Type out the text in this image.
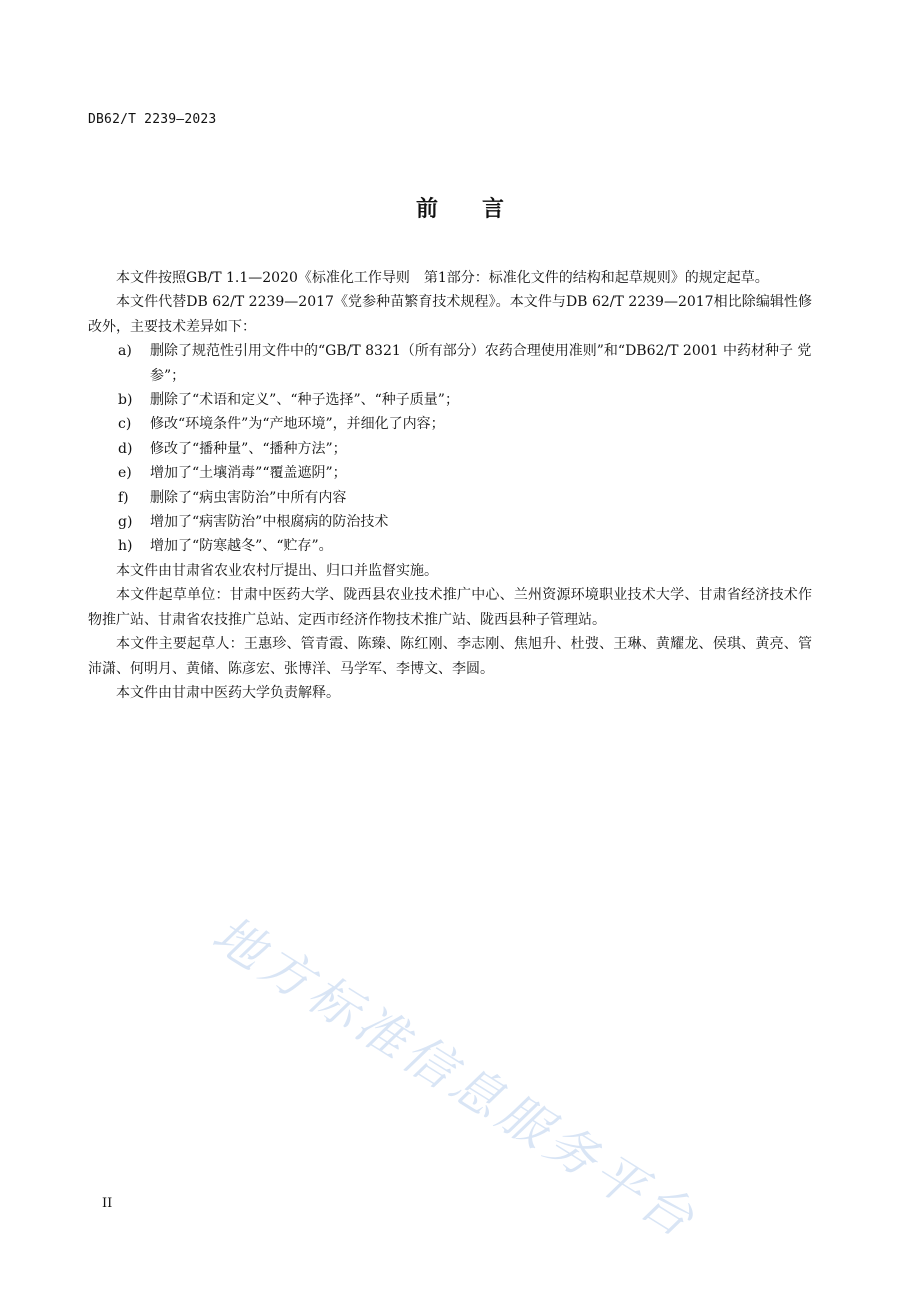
DB62/T 2239—2023
前　　言

本文件按照GB/T 1.1—2020《标准化工作导则　第1部分：标准化文件的结构和起草规则》的规定起草。

本文件代替DB 62/T 2239—2017《党参种苗繁育技术规程》。本文件与DB 62/T 2239—2017相比除编辑性修改外，主要技术差异如下：

a)	删除了规范性引用文件中的“GB/T 8321（所有部分）农药合理使用准则”和“DB62/T 2001 中药材种子 党参”；
b)	删除了“术语和定义”、“种子选择”、“种子质量”；
c)	修改“环境条件”为“产地环境”，并细化了内容；
d)	修改了“播种量”、“播种方法”；
e)	增加了“土壤消毒”“覆盖遮阴”；
f)	删除了“病虫害防治”中所有内容
g)	增加了“病害防治”中根腐病的防治技术
h)	增加了“防寒越冬”、“贮存”。

本文件由甘肃省农业农村厅提出、归口并监督实施。

本文件起草单位：甘肃中医药大学、陇西县农业技术推广中心、兰州资源环境职业技术大学、甘肃省经济技术作物推广站、甘肃省农技推广总站、定西市经济作物技术推广站、陇西县种子管理站。

本文件主要起草人：王惠珍、管青霞、陈臻、陈红刚、李志刚、焦旭升、杜弢、王琳、黄耀龙、侯琪、黄亮、管沛潇、何明月、黄储、陈彦宏、张博洋、马学军、李博文、李圆。

本文件由甘肃中医药大学负责解释。

地方标准信息服务平台
II
